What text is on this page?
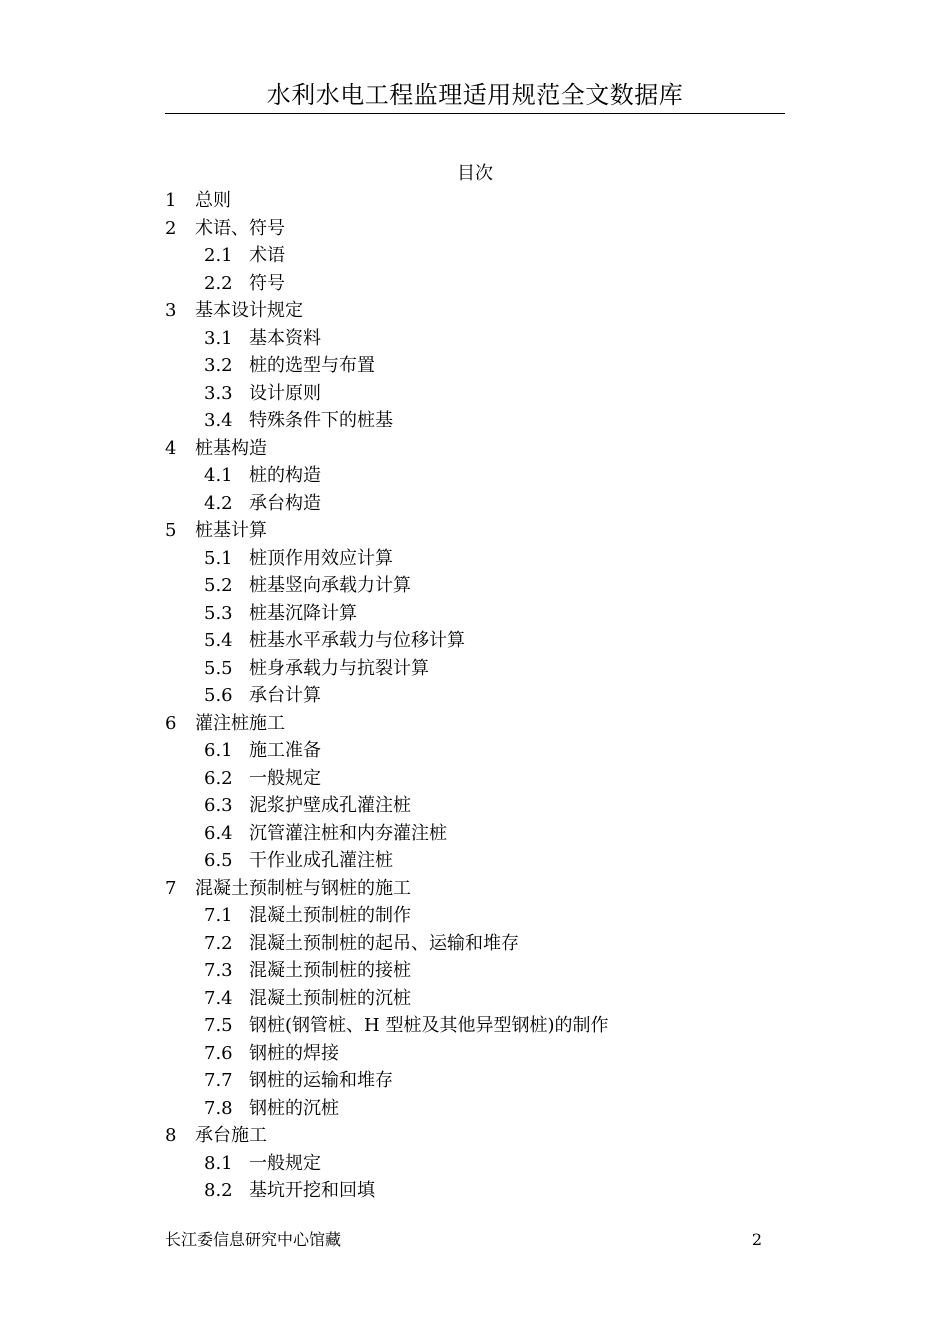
水利水电工程监理适用规范全文数据库
目次
1 总则
2 术语、符号
2.1 术语
2.2 符号
3 基本设计规定
3.1 基本资料
3.2 桩的选型与布置
3.3 设计原则
3.4 特殊条件下的桩基
4 桩基构造
4.1 桩的构造
4.2 承台构造
5 桩基计算
5.1 桩顶作用效应计算
5.2 桩基竖向承载力计算
5.3 桩基沉降计算
5.4 桩基水平承载力与位移计算
5.5 桩身承载力与抗裂计算
5.6 承台计算
6 灌注桩施工
6.1 施工准备
6.2 一般规定
6.3 泥浆护壁成孔灌注桩
6.4 沉管灌注桩和内夯灌注桩
6.5 干作业成孔灌注桩
7 混凝土预制桩与钢桩的施工
7.1 混凝土预制桩的制作
7.2 混凝土预制桩的起吊、运输和堆存
7.3 混凝土预制桩的接桩
7.4 混凝土预制桩的沉桩
7.5 钢桩(钢管桩、H 型桩及其他异型钢桩)的制作
7.6 钢桩的焊接
7.7 钢桩的运输和堆存
7.8 钢桩的沉桩
8 承台施工
8.1 一般规定
8.2 基坑开挖和回填
长江委信息研究中心馆藏	2
